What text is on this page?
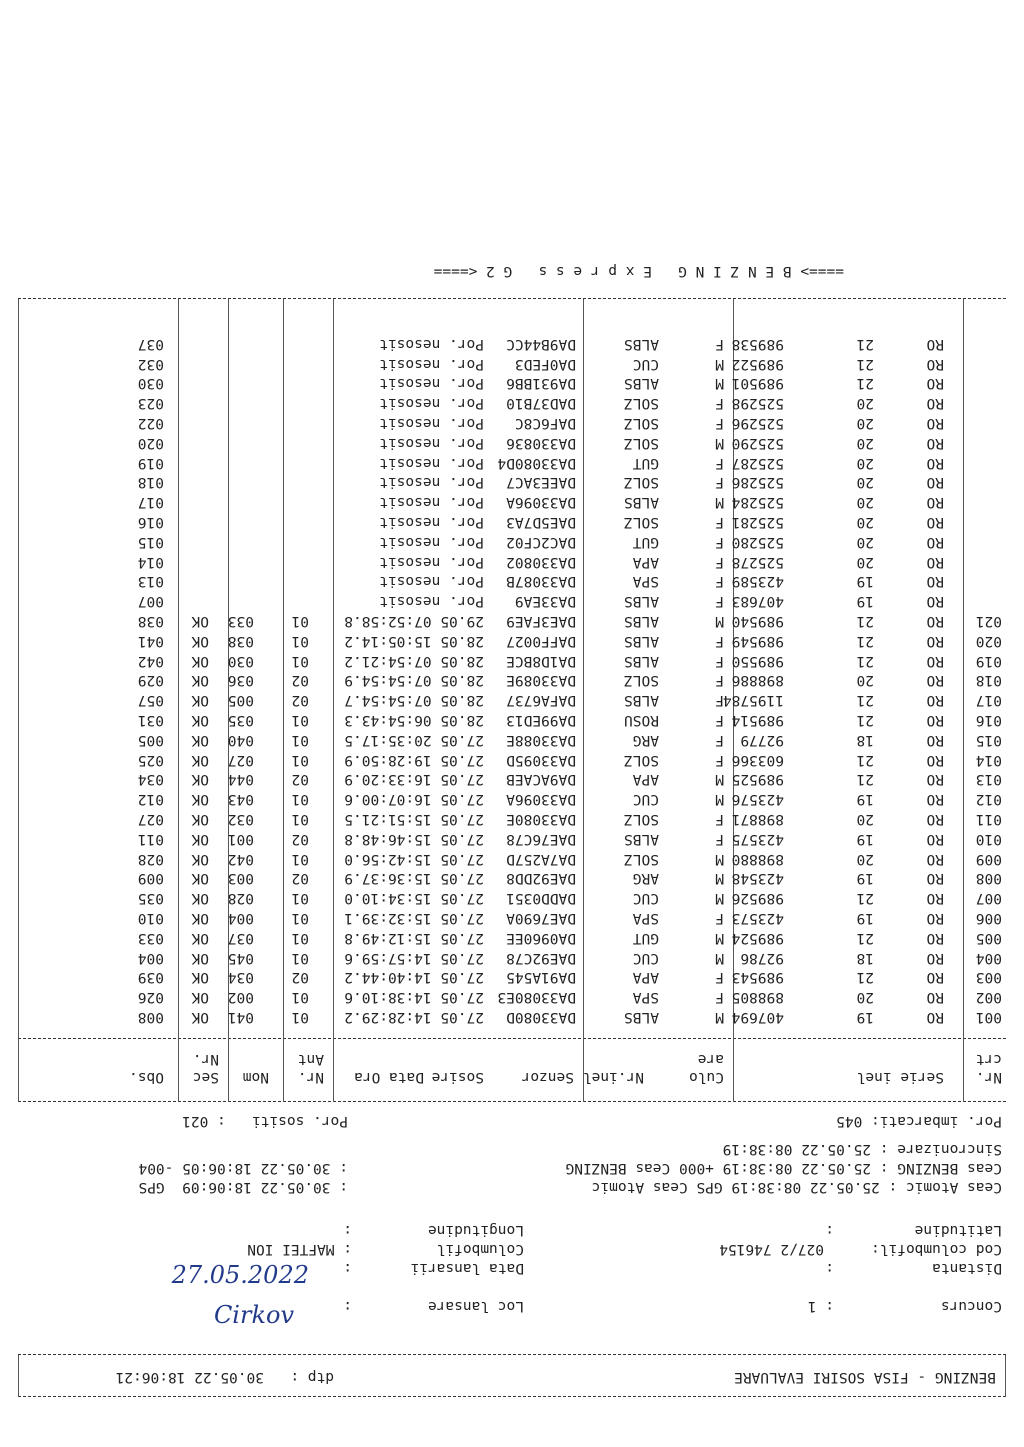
BENZING - FISA SOSIRI EVALUARE
dtp :
30.05.22 18:06:21
Concurs
: 1
Loc lansare
:
Cirkov
Distanta
:
Data lansarii
:
27.05.2022
Cod columbofil:
027/2 746154
Columbofil
: MAFTEI ION
Latitudine
:
Longitudine
:
Ceas Atomic : 25.05.22 08:38:19 GPS Ceas Atomic
: 30.05.22 18:06:09  GPS
Ceas BENZING : 25.05.22 08:38:19 +000 Ceas BENZING
: 30.05.22 18:06:05 -004
Sincronizare : 25.05.22 08:38:19
Por. imbarcati: 045
Por. sositi   : 021
Nr.
Serie inel
Culo
Nr.inel
Senzor
Sosire
Data Ora
Nr.
Nom
Sec
Obs.
crt
are
Ant
Nr.
001
RO
19
407694
M
ALBS
DA33080D
27.05 14:28:29.2
01
041
OK
008
002
RO
20
898805
F
SPA
DA33080E3
27.05 14:38:10.6
01
002
OK
026
003
RO
21
989543
F
APA
DA91A545
27.05 14:40:44.2
02
034
OK
039
004
RO
18
92786
M
CUC
DAE92C78
27.05 14:57:59.6
01
045
OK
004
005
RO
21
989524
M
GUT
DA0960EE
27.05 15:12:49.8
01
037
OK
033
006
RO
19
423573
F
SPA
DAE7690A
27.05 15:32:39.1
01
004
OK
010
007
RO
21
989526
M
CUC
DADD0351
27.05 15:34:10.0
01
028
OK
035
008
RO
19
423548
M
ARG
DAE92DD8
27.05 15:36:37.9
02
003
OK
009
009
RO
20
898880
M
SOLZ
DA7A257D
27.05 15:42:56.0
01
042
OK
028
010
RO
19
423575
F
ALBS
DAE76C78
27.05 15:46:48.8
02
001
OK
011
011
RO
20
898871
F
SOLZ
DA33080E
27.05 15:51:21.5
01
032
OK
027
012
RO
19
423576
M
CUC
DA33096A
27.05 16:07:00.6
01
043
OK
012
013
RO
21
989525
M
APA
DA9ACAEB
27.05 16:33:20.9
02
044
OK
034
014
RO
21
603366
F
SOLZ
DA33095D
27.05 19:28:50.9
01
027
OK
025
015
RO
18
92779
F
ARG
DA33088E
27.05 20:35:17.5
01
040
OK
005
016
RO
21
989514
F
ROSU
DA99ED13
28.05 06:54:43.3
01
035
OK
031
017
RO
21
1195784
F
ALBS
DAFA6737
28.05 07:54:54.7
02
005
OK
057
018
RO
20
898886
F
SOLZ
DA33089E
28.05 07:54:54.9
02
036
OK
029
019
RO
21
989550
F
ALBS
DA1D8BCE
28.05 07:54:21.2
01
030
OK
042
020
RO
21
989549
F
ALBS
DAFF0027
28.05 15:05:14.2
01
038
OK
041
021
RO
21
989540
M
ALBS
DAE3FAE9
29.05 07:52:58.8
01
033
OK
038
RO
19
407683
F
ALBS
DA33EA9
Por. nesosit
007
RO
19
423589
F
SPA
DA33087B
Por. nesosit
013
RO
20
525278
F
APA
DA330802
Por. nesosit
014
RO
20
525280
F
GUT
DAC2CF02
Por. nesosit
015
RO
20
525281
F
SOLZ
DAE5D7A3
Por. nesosit
016
RO
20
525284
M
ALBS
DA33096A
Por. nesosit
017
RO
20
525286
F
SOLZ
DAEE3AC7
Por. nesosit
018
RO
20
525287
F
GUT
DA33080D4
Por. nesosit
019
RO
20
525290
M
SOLZ
DA330836
Por. nesosit
020
RO
20
525296
F
SOLZ
DAF6C8C
Por. nesosit
022
RO
20
525298
F
SOLZ
DAD37B10
Por. nesosit
023
RO
21
989501
M
ALBS
DA931BB6
Por. nesosit
030
RO
21
989522
M
CUC
DA0FED3
Por. nesosit
032
RO
21
989538
F
ALBS
DA9B44CC
Por. nesosit
037
====> B E N Z I N G   E x p r e s s   G 2 <====
